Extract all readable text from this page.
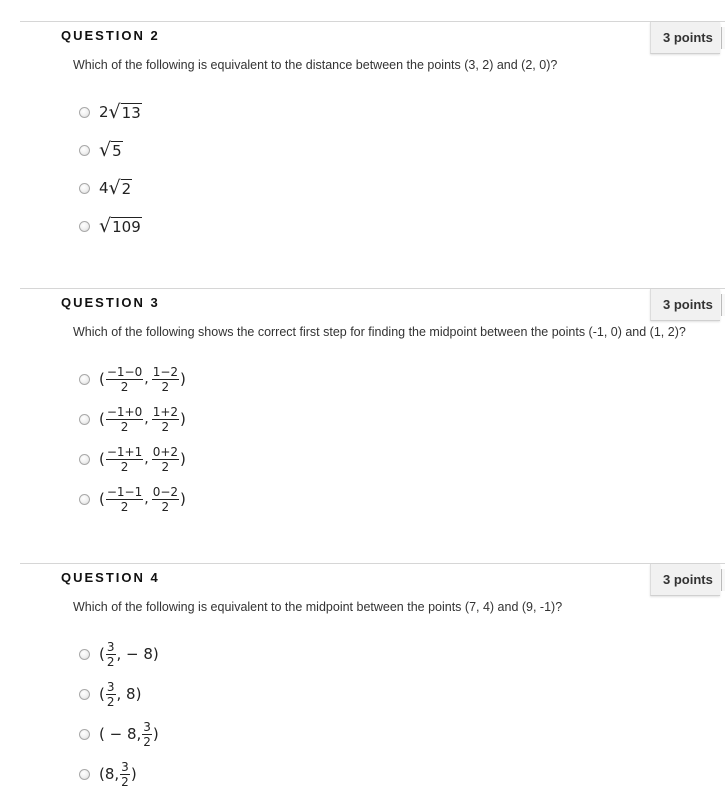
QUESTION 2	3 points
Which of the following is equivalent to the distance between the points (3, 2) and (2, 0)?
2 √ 13
√ 5
4 √ 2
√ 109
QUESTION 3	3 points
Which of the following shows the correct first step for finding the midpoint between the points (-1, 0) and (1, 2)?
( $\frac{-1-0}{2}$ , $\frac{1-2}{2}$ )
( $\frac{-1+0}{2}$ , $\frac{1+2}{2}$ )
( $\frac{-1+1}{2}$ , $\frac{0+2}{2}$ )
( $\frac{-1-1}{2}$ , $\frac{0-2}{2}$ )
QUESTION 4	3 points
Which of the following is equivalent to the midpoint between the points (7, 4) and (9, -1)?
( $\frac{3}{2}$ , − 8)
( $\frac{3}{2}$ , 8)
( − 8, $\frac{3}{2}$ )
(8, $\frac{3}{2}$ )
